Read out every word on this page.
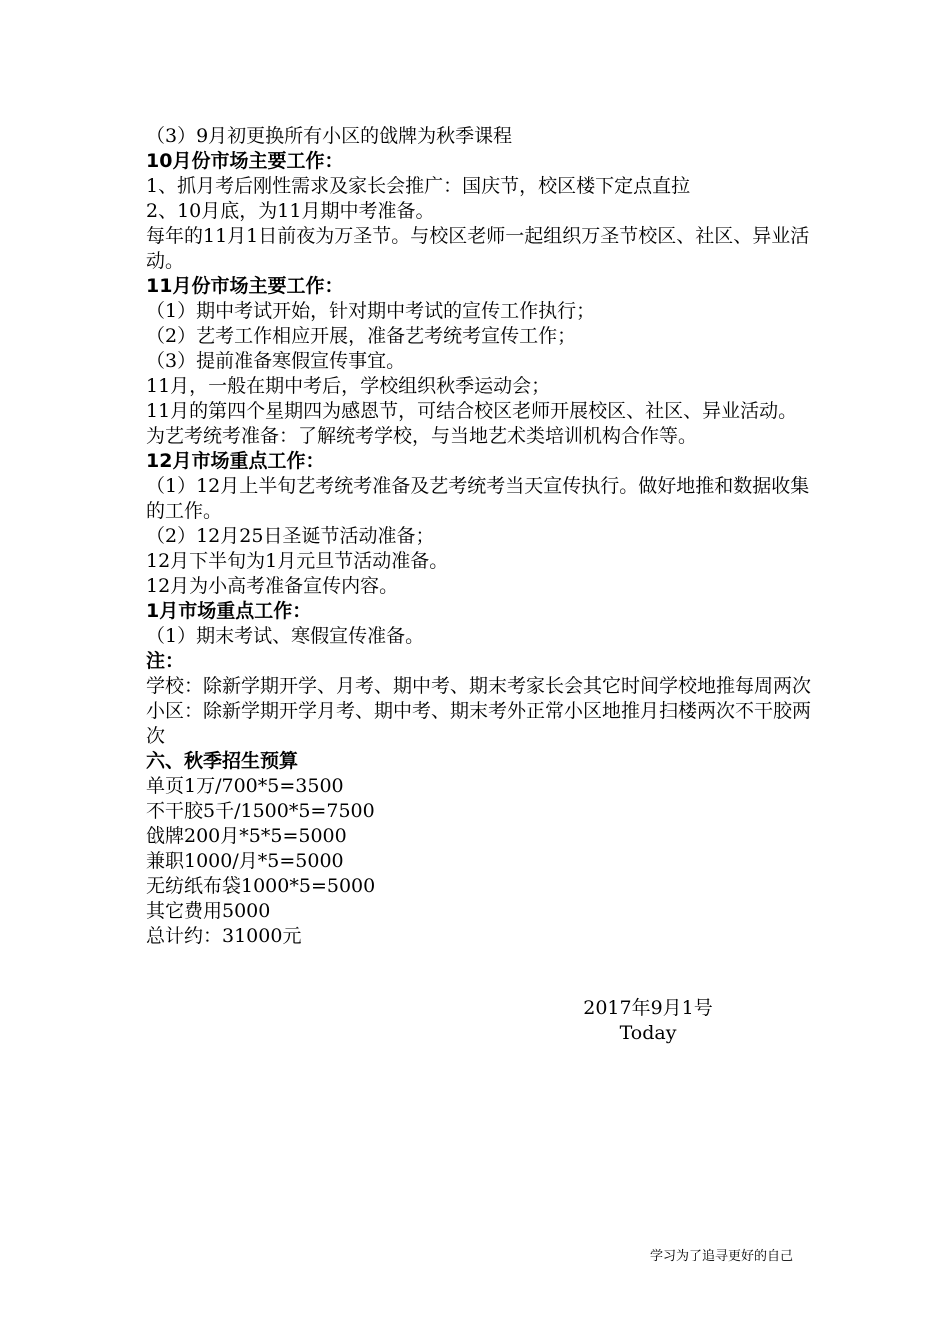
（3）9月初更换所有小区的戗牌为秋季课程

10月份市场主要工作：

1、抓月考后刚性需求及家长会推广：国庆节，校区楼下定点直拉

2、10月底，为11月期中考准备。

每年的11月1日前夜为万圣节。与校区老师一起组织万圣节校区、社区、异业活动。

11月份市场主要工作：

（1）期中考试开始，针对期中考试的宣传工作执行；

（2）艺考工作相应开展，准备艺考统考宣传工作；

（3）提前准备寒假宣传事宜。

11月，一般在期中考后，学校组织秋季运动会；

11月的第四个星期四为感恩节，可结合校区老师开展校区、社区、异业活动。

为艺考统考准备：了解统考学校，与当地艺术类培训机构合作等。

12月市场重点工作：

（1）12月上半旬艺考统考准备及艺考统考当天宣传执行。做好地推和数据收集的工作。

（2）12月25日圣诞节活动准备；

12月下半旬为1月元旦节活动准备。

12月为小高考准备宣传内容。

1月市场重点工作：

（1）期末考试、寒假宣传准备。

注：

学校：除新学期开学、月考、期中考、期末考家长会其它时间学校地推每周两次

小区：除新学期开学月考、期中考、期末考外正常小区地推月扫楼两次不干胶两次

六、秋季招生预算

单页1万/700*5=3500

不干胶5千/1500*5=7500

戗牌200月*5*5=5000

兼职1000/月*5=5000

无纺纸布袋1000*5=5000

其它费用5000

总计约：31000元

2017年9月1号
Today
学习为了追寻更好的自己
